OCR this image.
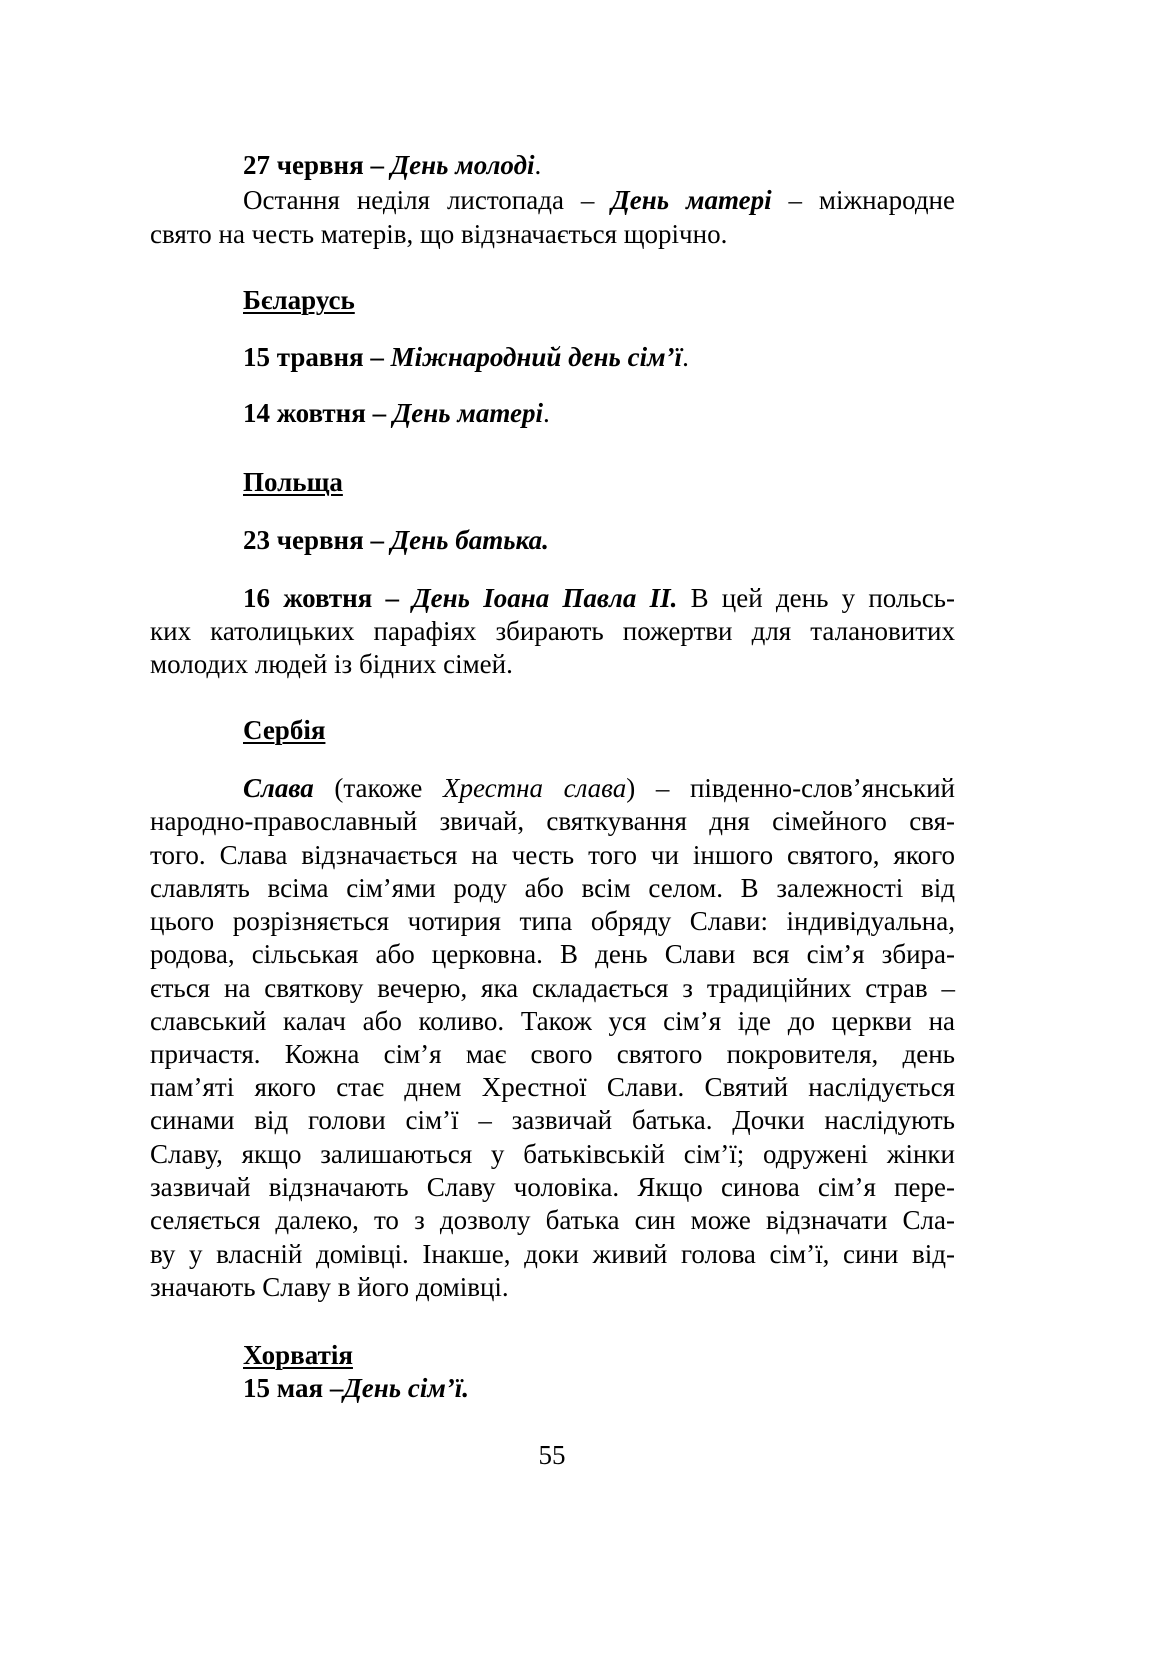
27 червня – День молоді.
Остання неділя листопада – День матері – міжнародне
свято на честь матерів, що відзначається щорічно.
Бєларусь
15 травня – Міжнародний день сім’ї.
14 жовтня – День матері.
Польща
23 червня – День батька.
16 жовтня – День Іоана Павла ІІ. В цей день у польсь-
ких католицьких парафіях збирають пожертви для талановитих
молодих людей із бідних сімей.
Сербія
Слава (такоже Хрестна слава) – південно-слов’янський
народно-православный звичай, святкування дня сімейного свя-
того. Слава відзначається на честь того чи іншого святого, якого
славлять всіма сім’ями роду або всім селом. В залежності від
цього розрізняється чотирия типа обряду Слави: індивідуальна,
родова, сільськая або церковна. В день Слави вся сім’я збира-
ється на святкову вечерю, яка складається з традиційних страв –
славський калач або коливо. Також уся сім’я іде до церкви на
причастя. Кожна сім’я має свого святого покровителя, день
пам’яті якого стає днем Хрестної Слави. Святий наслідується
синами від голови сім’ї – зазвичай батька. Дочки наслідують
Славу, якщо залишаються у батьківській сім’ї; одружені жінки
зазвичай відзначають Славу чоловіка. Якщо синова сім’я пере-
селяється далеко, то з дозволу батька син може відзначати Сла-
ву у власній домівці. Інакше, доки живий голова сім’ї, сини від-
значають Славу в його домівці.
Хорватія
15 мая –День сім’ї.
55
